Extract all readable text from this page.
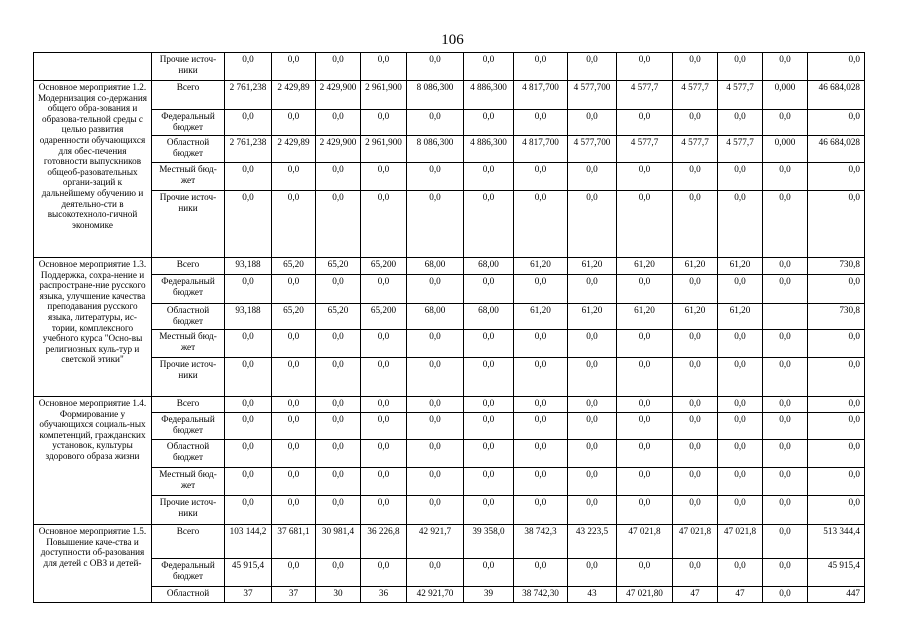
106
	Прочие источ-ники	0,0	0,0	0,0	0,0	0,0	0,0	0,0	0,0	0,0	0,0	0,0	0,0	0,0
Основное мероприятие 1.2. Модернизация со-держания общего обра-зования и образова-тельной среды с целью развития одаренности обучающихся для обес-печения готовности выпускников общеоб-разовательных органи-заций к дальнейшему обучению и деятельно-сти в высокотехноло-гичной экономике	Всего	2 761,238	2 429,89	2 429,900	2 961,900	8 086,300	4 886,300	4 817,700	4 577,700	4 577,7	4 577,7	4 577,7	0,000	46 684,028
	Федеральный бюджет	0,0	0,0	0,0	0,0	0,0	0,0	0,0	0,0	0,0	0,0	0,0	0,0	0,0
	Областной бюджет	2 761,238	2 429,89	2 429,900	2 961,900	8 086,300	4 886,300	4 817,700	4 577,700	4 577,7	4 577,7	4 577,7	0,000	46 684,028
	Местный бюд-жет	0,0	0,0	0,0	0,0	0,0	0,0	0,0	0,0	0,0	0,0	0,0	0,0	0,0
	Прочие источ-ники	0,0	0,0	0,0	0,0	0,0	0,0	0,0	0,0	0,0	0,0	0,0	0,0	0,0
Основное мероприятие 1.3. Поддержка, сохра-нение и распростране-ние русского языка, улучшение качества преподавания русского языка, литературы, ис-тории, комплексного учебного курса "Осно-вы религиозных куль-тур и светской этики"	Всего	93,188	65,20	65,20	65,200	68,00	68,00	61,20	61,20	61,20	61,20	61,20	0,0	730,8
	Федеральный бюджет	0,0	0,0	0,0	0,0	0,0	0,0	0,0	0,0	0,0	0,0	0,0	0,0	0,0
	Областной бюджет	93,188	65,20	65,20	65,200	68,00	68,00	61,20	61,20	61,20	61,20	61,20		730,8
	Местный бюд-жет	0,0	0,0	0,0	0,0	0,0	0,0	0,0	0,0	0,0	0,0	0,0	0,0	0,0
	Прочие источ-ники	0,0	0,0	0,0	0,0	0,0	0,0	0,0	0,0	0,0	0,0	0,0	0,0	0,0
Основное мероприятие 1.4. Формирование у обучающихся социаль-ных компетенций, гражданских установок, культуры здорового образа жизни	Всего	0,0	0,0	0,0	0,0	0,0	0,0	0,0	0,0	0,0	0,0	0,0	0,0	0,0
	Федеральный бюджет	0,0	0,0	0,0	0,0	0,0	0,0	0,0	0,0	0,0	0,0	0,0	0,0	0,0
	Областной бюджет	0,0	0,0	0,0	0,0	0,0	0,0	0,0	0,0	0,0	0,0	0,0	0,0	0,0
	Местный бюд-жет	0,0	0,0	0,0	0,0	0,0	0,0	0,0	0,0	0,0	0,0	0,0	0,0	0,0
	Прочие источ-ники	0,0	0,0	0,0	0,0	0,0	0,0	0,0	0,0	0,0	0,0	0,0	0,0	0,0
Основное мероприятие 1.5. Повышение каче-ства и доступности об-разования для детей с ОВЗ и детей-	Всего	103 144,2	37 681,1	30 981,4	36 226,8	42 921,7	39 358,0	38 742,3	43 223,5	47 021,8	47 021,8	47 021,8	0,0	513 344,4
	Федеральный бюджет	45 915,4	0,0	0,0	0,0	0,0	0,0	0,0	0,0	0,0	0,0	0,0	0,0	45 915,4
	Областной	37	37	30	36	42 921,70	39	38 742,30	43	47 021,80	47	47	0,0	447
